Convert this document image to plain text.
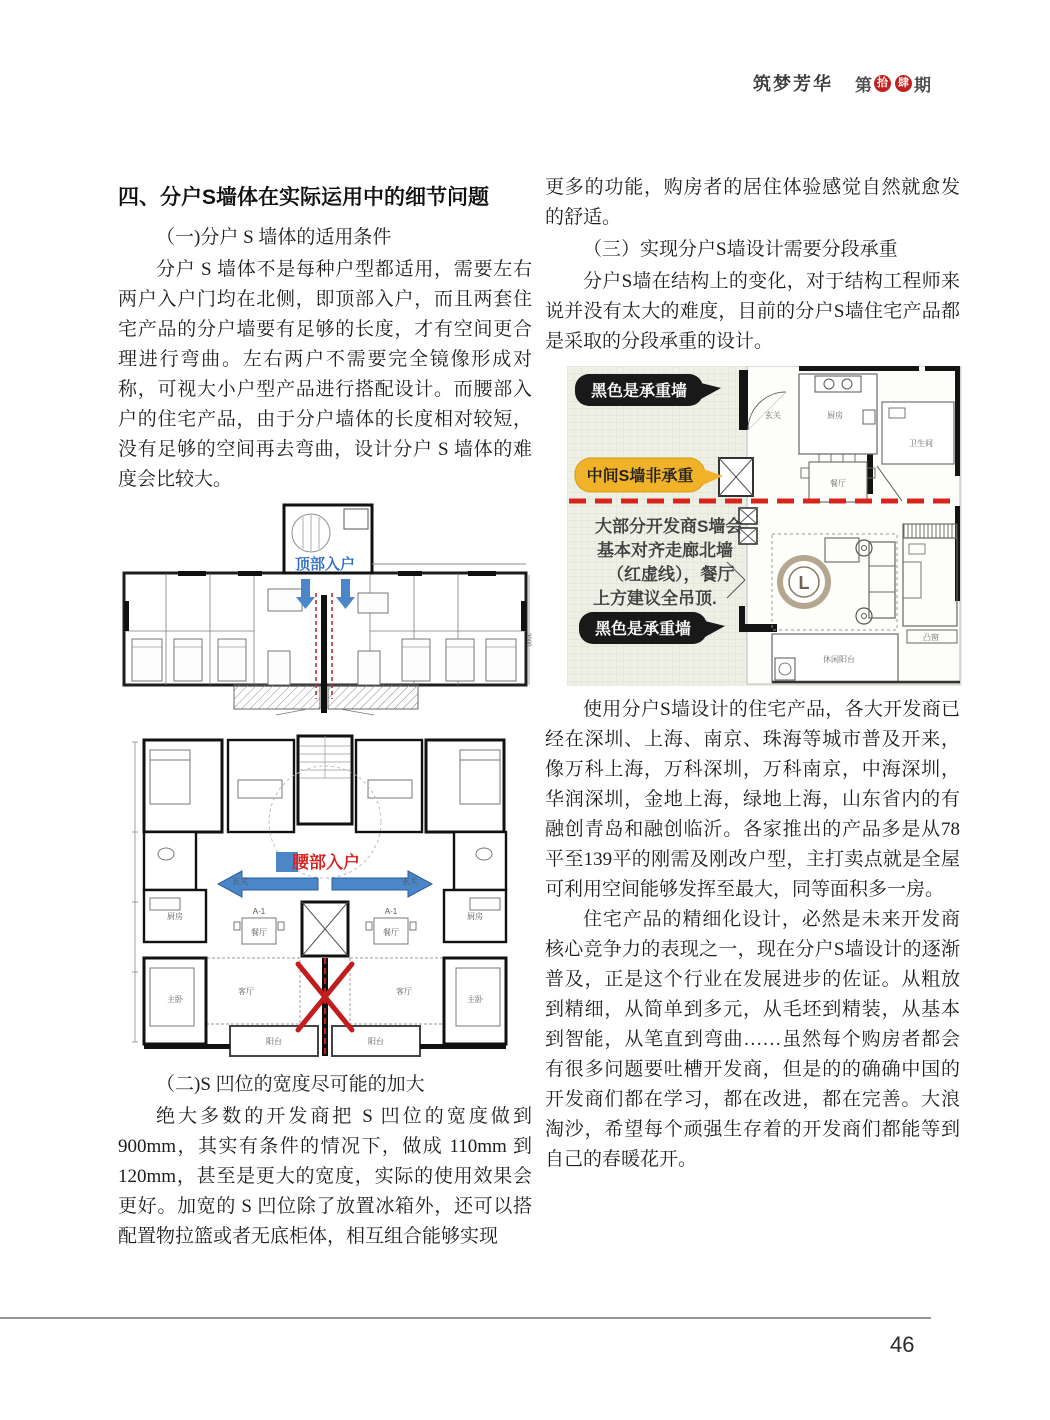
筑梦芳华 第 拾 肆 期
四、分户S墙体在实际运用中的细节问题

（一)分户 S 墙体的适用条件

分户 S 墙体不是每种户型都适用，需要左右两户入户门均在北侧，即顶部入户，而且两套住宅产品的分户墙要有足够的长度，才有空间更合理进行弯曲。左右两户不需要完全镜像形成对称，可视大小户型产品进行搭配设计。而腰部入户的住宅产品，由于分户墙体的长度相对较短，没有足够的空间再去弯曲，设计分户 S 墙体的难度会比较大。

顶部入户
3000
腰部入户
玄关	玄关
A-1	A-1
餐厅	餐厅
厨房	厨房
客厅	客厅
主卧	主卧
阳台	阳台

（二)S 凹位的宽度尽可能的加大

绝大多数的开发商把 S 凹位的宽度做到900mm，其实有条件的情况下，做成 110mm 到120mm，甚至是更大的宽度，实际的使用效果会更好。加宽的 S 凹位除了放置冰箱外，还可以搭配置物拉篮或者无底柜体，相互组合能够实现

更多的功能，购房者的居住体验感觉自然就愈发的舒适。

（三）实现分户S墙设计需要分段承重

分户S墙在结构上的变化，对于结构工程师来说并没有太大的难度，目前的分户S墙住宅产品都是采取的分段承重的设计。

玄关	厨房
卫生间
餐厅
凸窗
休闲阳台
L
黑色是承重墙
中间S墙非承重
大部分开发商S墙会
基本对齐走廊北墙
（红虚线），餐厅
上方建议全吊顶.
黑色是承重墙

使用分户S墙设计的住宅产品，各大开发商已经在深圳、上海、南京、珠海等城市普及开来，像万科上海，万科深圳，万科南京，中海深圳，华润深圳，金地上海，绿地上海，山东省内的有融创青岛和融创临沂。各家推出的产品多是从78平至139平的刚需及刚改户型，主打卖点就是全屋可利用空间能够发挥至最大，同等面积多一房。

住宅产品的精细化设计，必然是未来开发商核心竞争力的表现之一，现在分户S墙设计的逐渐普及，正是这个行业在发展进步的佐证。从粗放到精细，从简单到多元，从毛坯到精装，从基本到智能，从笔直到弯曲……虽然每个购房者都会有很多问题要吐槽开发商，但是的的确确中国的开发商们都在学习，都在改进，都在完善。大浪淘沙，希望每个顽强生存着的开发商们都能等到自己的春暖花开。

46
